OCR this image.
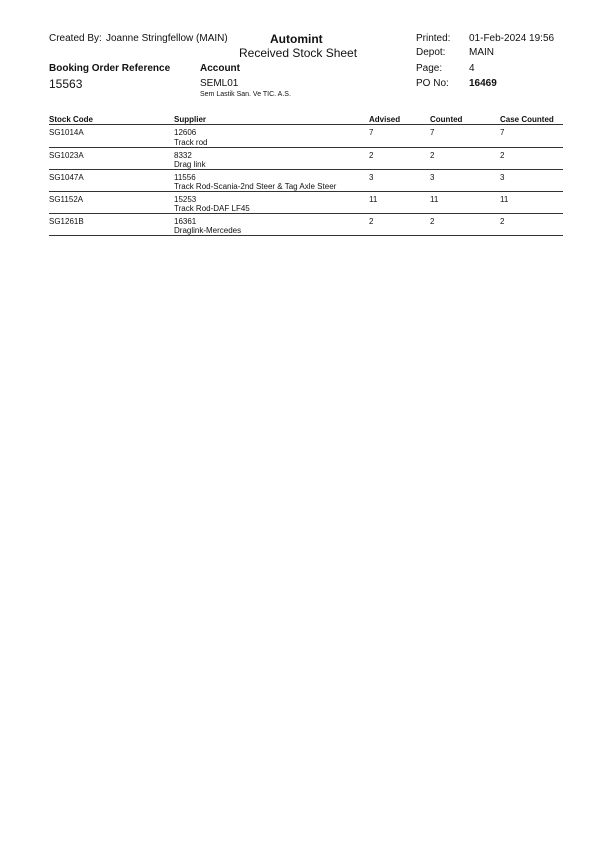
Created By: Joanne Stringfellow (MAIN)	Automint
Received Stock Sheet
Printed: 01-Feb-2024 19:56
Depot: MAIN
Booking Order Reference	Account	Page:	4
15563	SEML01	PO No: 16469
Sem Lastik San. Ve TIC. A.S.
Stock Code	Supplier	Advised	Counted	Case Counted
SG1014A	12606
Track rod
7	7	7
SG1023A	8332
Drag link
2	2	2
SG1047A	11556
Track Rod-Scania-2nd Steer & Tag Axle Steer
3	3	3
SG1152A	15253
Track Rod-DAF LF45
11	11	11
SG1261B	16361
Draglink-Mercedes
2	2	2
